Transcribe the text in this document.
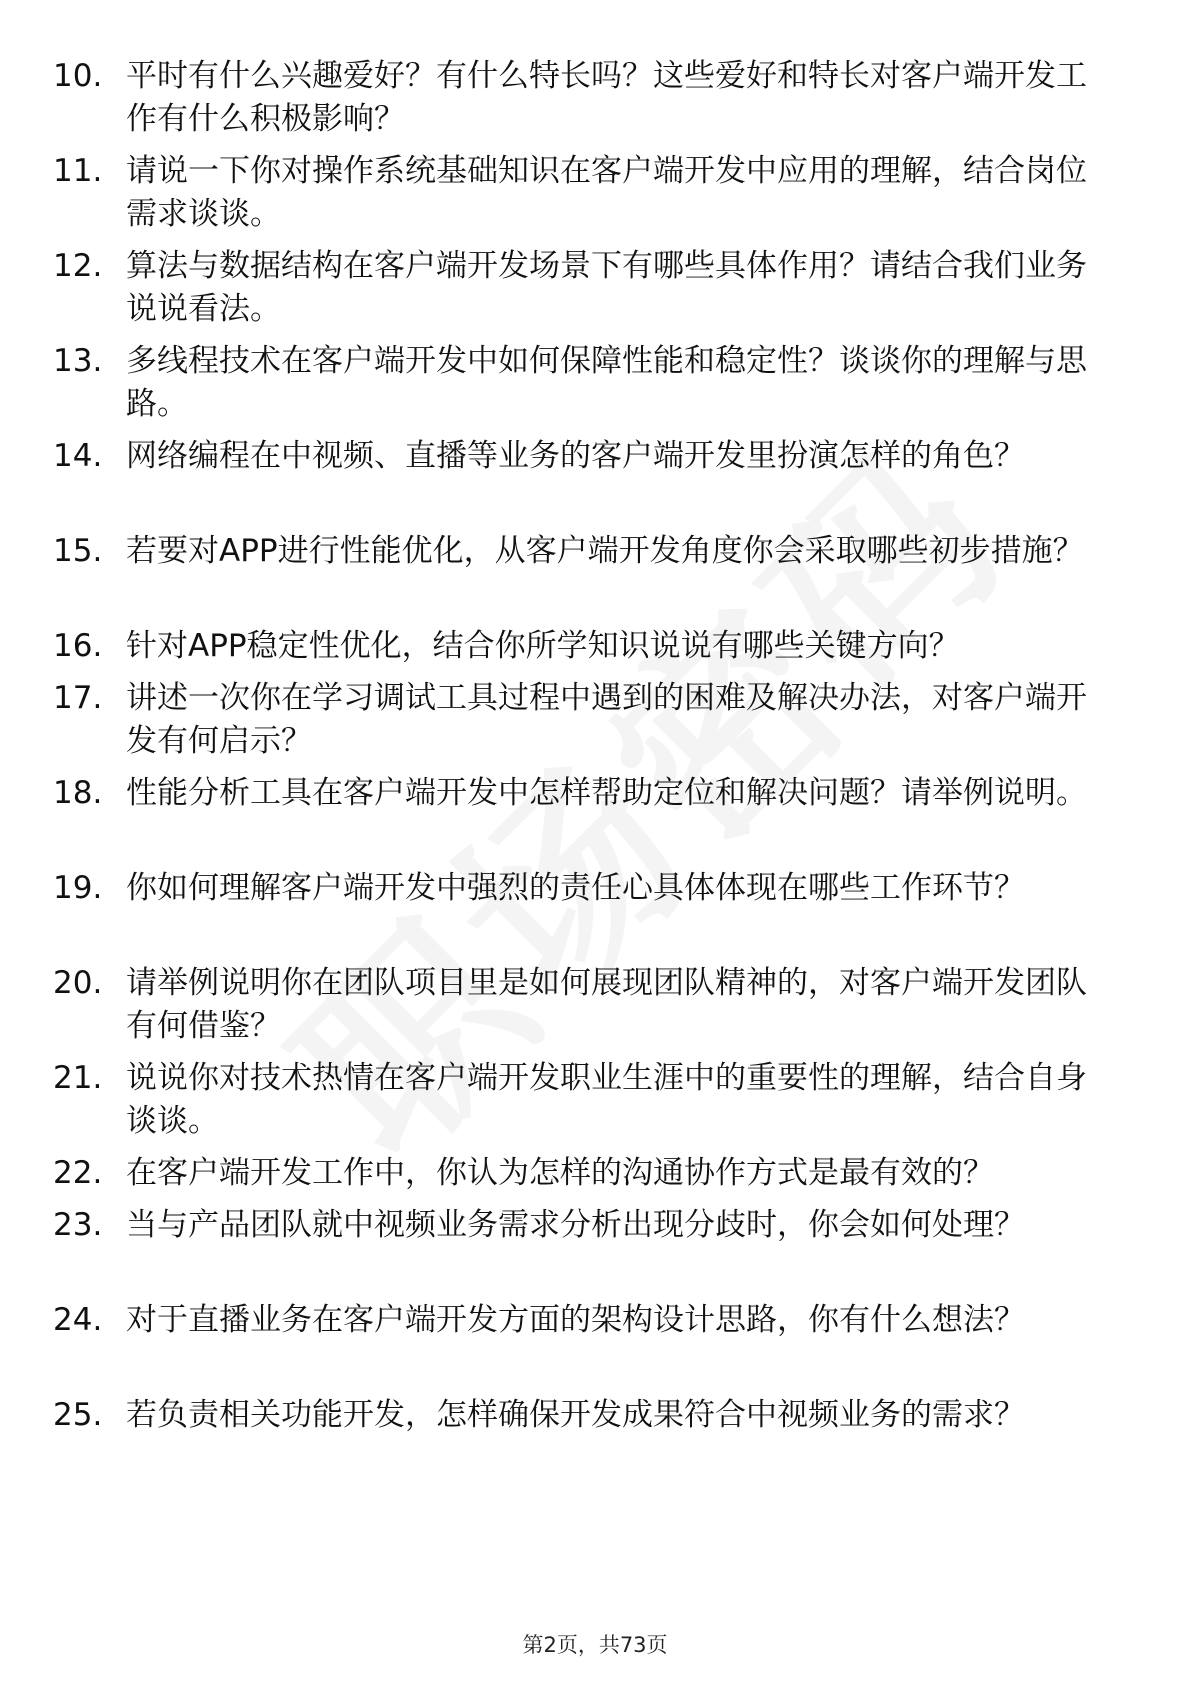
10. 平时有什么兴趣爱好？有什么特长吗？这些爱好和特长对客户端开发工作有什么积极影响？
11. 请说一下你对操作系统基础知识在客户端开发中应用的理解，结合岗位需求谈谈。
12. 算法与数据结构在客户端开发场景下有哪些具体作用？请结合我们业务说说看法。
13. 多线程技术在客户端开发中如何保障性能和稳定性？谈谈你的理解与思路。
14. 网络编程在中视频、直播等业务的客户端开发里扮演怎样的角色？
15. 若要对APP进行性能优化，从客户端开发角度你会采取哪些初步措施？
16. 针对APP稳定性优化，结合你所学知识说说有哪些关键方向？
17. 讲述一次你在学习调试工具过程中遇到的困难及解决办法，对客户端开发有何启示？
18. 性能分析工具在客户端开发中怎样帮助定位和解决问题？请举例说明。
19. 你如何理解客户端开发中强烈的责任心具体体现在哪些工作环节？
20. 请举例说明你在团队项目里是如何展现团队精神的，对客户端开发团队有何借鉴？
21. 说说你对技术热情在客户端开发职业生涯中的重要性的理解，结合自身谈谈。
22. 在客户端开发工作中，你认为怎样的沟通协作方式是最有效的？
23. 当与产品团队就中视频业务需求分析出现分歧时，你会如何处理？
24. 对于直播业务在客户端开发方面的架构设计思路，你有什么想法？
25. 若负责相关功能开发，怎样确保开发成果符合中视频业务的需求？
第2页，共73页
